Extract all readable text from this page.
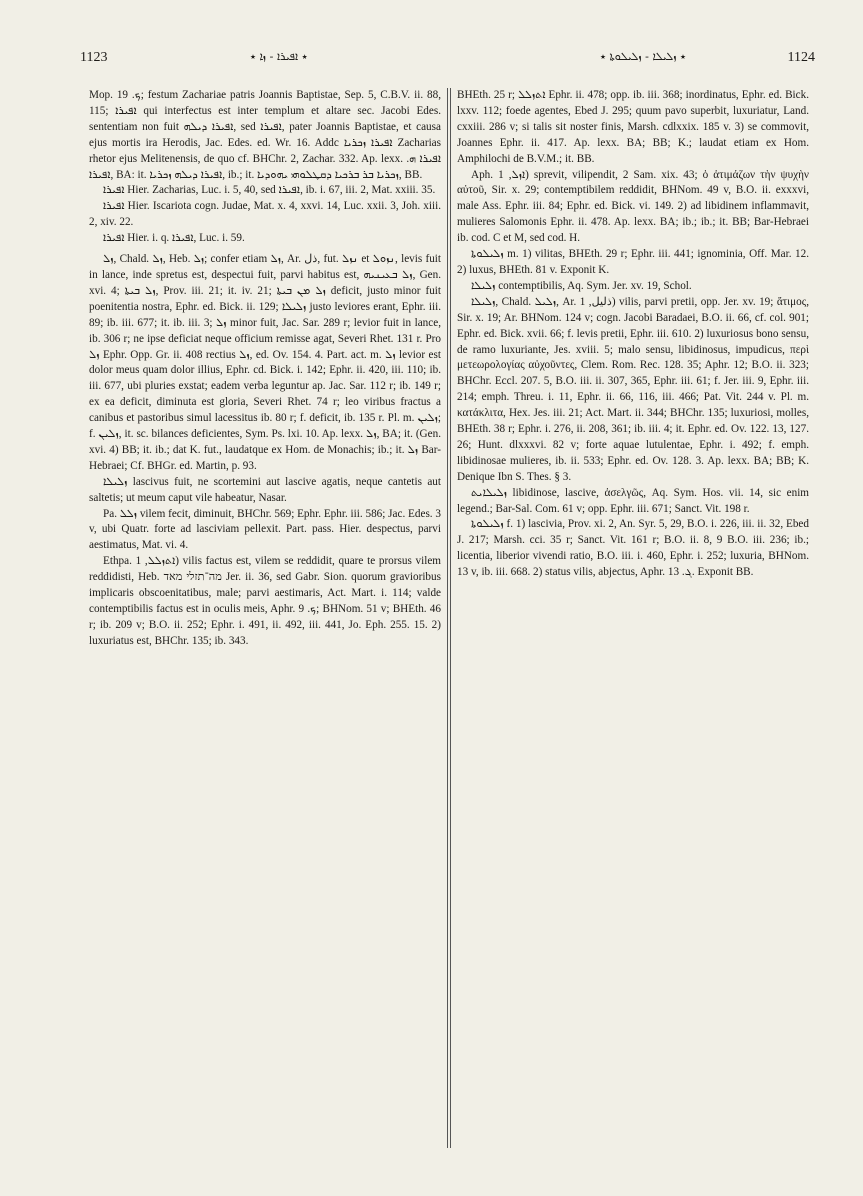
1123	٭ ܐܦܝܪܐ - ܙܐ ٭	٭ ܙܠܝܠܐ - ܙܠܝܠܘܬܐ ٭	1124

Mop. ܟ. 19; festum Zachariae patris Joannis Baptistae, Sep. 5, C.B.V. ii. 88, 115; ܐܦܝܪܐ qui interfectus est inter templum et altare sec. Jacobi Edes. sententiam non fuit ܐܦܝܪܐ ܕܝܠܗ, sed ܐܦܝܪܐ, pater Joannis Baptistae, et causa ejus mortis ira Herodis, Jac. Edes. ed. Wr. 16. Addc ܐܦܝܪܐ ܙܟܪܝܐ Zacharias rhetor ejus Melitenensis, de quo cf. BHChr. 2, Zachar. 332. Ap. lexx. ܐܦܝܪܐ ܗ. ܐܦܝܪܐ, BA: it. ܐܦܝܪܐ ܕܝܠܗ ܙܟܪܝܐ, ib.; it. ܙܟܪܝܐ ܒܪ ܒܪܟܝܐ ܕܩܛܠܘܗܝ ܝܗܘܕܝܐ, BB.

ܐܦܝܪܐ Hier. Zacharias, Luc. i. 5, 40, sed ܐܦܝܪܐ, ib. i. 67, iii. 2, Mat. xxiii. 35.

ܐܦܝܪܐ Hier. Iscariota cogn. Judae, Mat. x. 4, xxvi. 14, Luc. xxii. 3, Joh. xiii. 2, xiv. 22.

ܐܦܝܪܐ Hier. i. q. ܐܦܝܪܐ, Luc. i. 59.

ܙܠ, Chald. ܙܠ, Heb. ܙܠ; confer etiam ܙܠ, Ar. ذل, fut. ܢܙܠ et ܢܙܘܠ, levis fuit in lance, inde spretus est, despectui fuit, parvi habitus est, ܙܠ ܒܥܝܢܝܗ, Gen. xvi. 4; ܙܠ ܒܝܬܐ, Prov. iii. 21; it. iv. 21; ܙܠ ܡܢ ܒܝܬܐ deficit, justo minor fuit poenitentia nostra, Ephr. ed. Bick. ii. 129; ܙܠܝܠܐ justo leviores erant, Ephr. iii. 89; ib. iii. 677; it. ib. iii. 3; ܙܠ minor fuit, Jac. Sar. 289 r; levior fuit in lance, ib. 306 r; ne ipse deficiat neque officium remisse agat, Severi Rhet. 131 r. Pro ܙܠ Ephr. Opp. Gr. ii. 408 rectius ܙܠ, ed. Ov. 154. 4. Part. act. m. ܙܠ levior est dolor meus quam dolor illius, Ephr. cd. Bick. i. 142; Ephr. ii. 420, iii. 110; ib. iii. 677, ubi pluries exstat; eadem verba leguntur ap. Jac. Sar. 112 r; ib. 149 r; ex ea deficit, diminuta est gloria, Severi Rhet. 74 r; leo viribus fractus a canibus et pastoribus simul lacessitus ib. 80 r; f. deficit, ib. 135 r. Pl. m. ܙܠܝܢ; f. ܙܠܝܢ, it. sc. bilances deficientes, Sym. Ps. lxi. 10. Ap. lexx. ܙܠ, BA; it. (Gen. xvi. 4) BB; it. ib.; dat K. fut., laudatque ex Hom. de Monachis; ib.; it. ܙܠ Bar-Hebraei; Cf. BHGr. ed. Martin, p. 93.

ܙܠܝܠܐ lascivus fuit, ne scortemini aut lascive agatis, neque cantetis aut saltetis; ut meum caput vile habeatur, Nasar.

Pa. ܙܠܠ vilem fecit, diminuit, BHChr. 569; Ephr. Ephr. iii. 586; Jac. Edes. 3 v, ubi Quatr. forte ad lasciviam pellexit. Part. pass. Hier. despectus, parvi aestimatus, Mat. vi. 4.

Ethpa. ܐܬܙܠܠ, 1) vilis factus est, vilem se reddidit, quare te prorsus vilem reddidisti, Heb. מה־תזלי מאד Jer. ii. 36, sed Gabr. Sion. quorum gravioribus implicaris obscoenitatibus, male; parvi aestimaris, Act. Mart. i. 114; valde contemptibilis factus est in oculis meis, Aphr. ܟ. 9; BHNom. 51 v; BHEth. 46 r; ib. 209 v; B.O. ii. 252; Ephr. i. 491, ii. 492, iii. 441, Jo. Eph. 255. 15. 2) luxuriatus est, BHChr. 135; ib. 343.

BHEth. 25 r; ܐܬܙܠܠ Ephr. ii. 478; opp. ib. iii. 368; inordinatus, Ephr. ed. Bick. lxxv. 112; foede agentes, Ebed J. 295; quum pavo superbit, luxuriatur, Land. cxxiii. 286 v; si talis sit noster finis, Marsh. cdlxxix. 185 v. 3) se commovit, Joannes Ephr. ii. 417. Ap. lexx. BA; BB; K.; laudat etiam ex Hom. Amphilochi de B.V.M.; it. BB.

Aph. ܐܙܠ, 1) sprevit, vilipendit, 2 Sam. xix. 43; ὁ ἀτιμάζων τὴν ψυχὴν αὐτοῦ, Sir. x. 29; contemptibilem reddidit, BHNom. 49 v, B.O. ii. exxxvi, male Ass. Ephr. iii. 84; Ephr. ed. Bick. vi. 149. 2) ad libidinem inflammavit, mulieres Salomonis Ephr. ii. 478. Ap. lexx. BA; ib.; ib.; it. BB; Bar-Hebraei ib. cod. C et M, sed cod. H.

ܙܠܝܠܘܬܐ m. 1) vilitas, BHEth. 29 r; Ephr. iii. 441; ignominia, Off. Mar. 12. 2) luxus, BHEth. 81 v. Exponit K.

ܙܠܝܠܐ contemptibilis, Aq. Sym. Jer. xv. 19, Schol.

ܙܠܝܠܐ, Chald. ܙܠܝܠ, Ar. ذليل, 1) vilis, parvi pretii, opp. Jer. xv. 19; ἄτιμος, Sir. x. 19; Ar. BHNom. 124 v; cogn. Jacobi Baradaei, B.O. ii. 66, cf. col. 901; Ephr. ed. Bick. xvii. 66; f. levis pretii, Ephr. iii. 610. 2) luxuriosus bono sensu, de ramo luxuriante, Jes. xviii. 5; malo sensu, libidinosus, impudicus, περὶ μετεωρολογίας αὐχοῦντες, Clem. Rom. Rec. 128. 35; Aphr. 12; B.O. ii. 323; BHChr. Eccl. 207. 5, B.O. iii. ii. 307, 365, Ephr. iii. 61; f. Jer. iii. 9, Ephr. iii. 214; emph. Threu. i. 11, Ephr. ii. 66, 116, iii. 466; Pat. Vit. 244 v. Pl. m. κατάκλιτα, Hex. Jes. iii. 21; Act. Mart. ii. 344; BHChr. 135; luxuriosi, molles, BHEth. 38 r; Ephr. i. 276, ii. 208, 361; ib. iii. 4; it. Ephr. ed. Ov. 122. 13, 127. 26; Hunt. dlxxxvi. 82 v; forte aquae lutulentae, Ephr. i. 492; f. emph. libidinosae mulieres, ib. ii. 533; Ephr. ed. Ov. 128. 3. Ap. lexx. BA; BB; K. Denique Ibn S. Thes. § 3.

ܙܠܝܠܐܝܬ libidinose, lascive, ἀσελγῶς, Aq. Sym. Hos. vii. 14, sic enim legend.; Bar-Sal. Com. 61 v; opp. Ephr. iii. 671; Sanct. Vit. 198 r.

ܙܠܝܠܘܬܐ f. 1) lascivia, Prov. xi. 2, An. Syr. 5, 29, B.O. i. 226, iii. ii. 32, Ebed J. 217; Marsh. cci. 35 r; Sanct. Vit. 161 r; B.O. ii. 8, 9 B.O. iii. 236; ib.; licentia, liberior vivendi ratio, B.O. iii. i. 460, Ephr. i. 252; luxuria, BHNom. 13 v, ib. iii. 668. 2) status vilis, abjectus, Aphr. ܓ. 13. Exponit BB.
